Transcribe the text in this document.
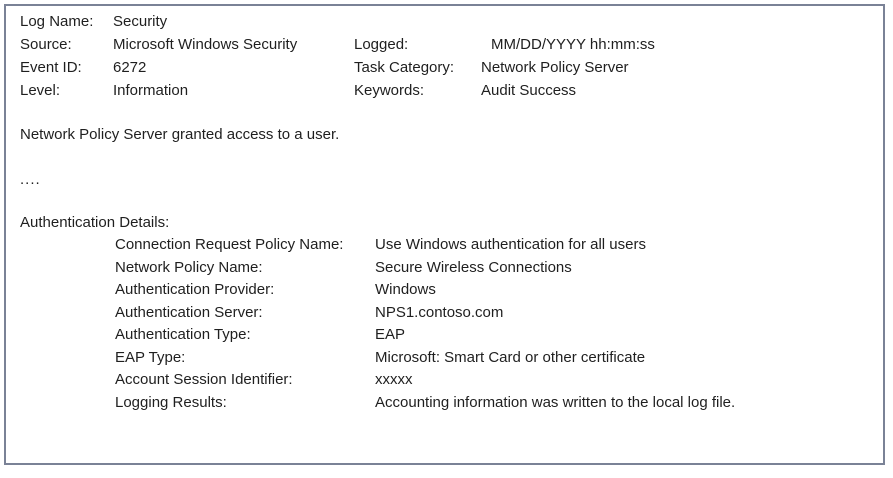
Log Name:	Security
Source:	Microsoft Windows Security	Logged:	MM/DD/YYYY hh:mm:ss
Event ID:	6272	Task Category:	Network Policy Server
Level:	Information	Keywords:	Audit Success
Network Policy Server granted access to a user.
....
Authentication Details:
Connection Request Policy Name:	Use Windows authentication for all users
Network Policy Name:	Secure Wireless Connections
Authentication Provider:	Windows
Authentication Server:	NPS1.contoso.com
Authentication Type:	EAP
EAP Type:	Microsoft: Smart Card or other certificate
Account Session Identifier:	xxxxx
Logging Results:	Accounting information was written to the local log file.
